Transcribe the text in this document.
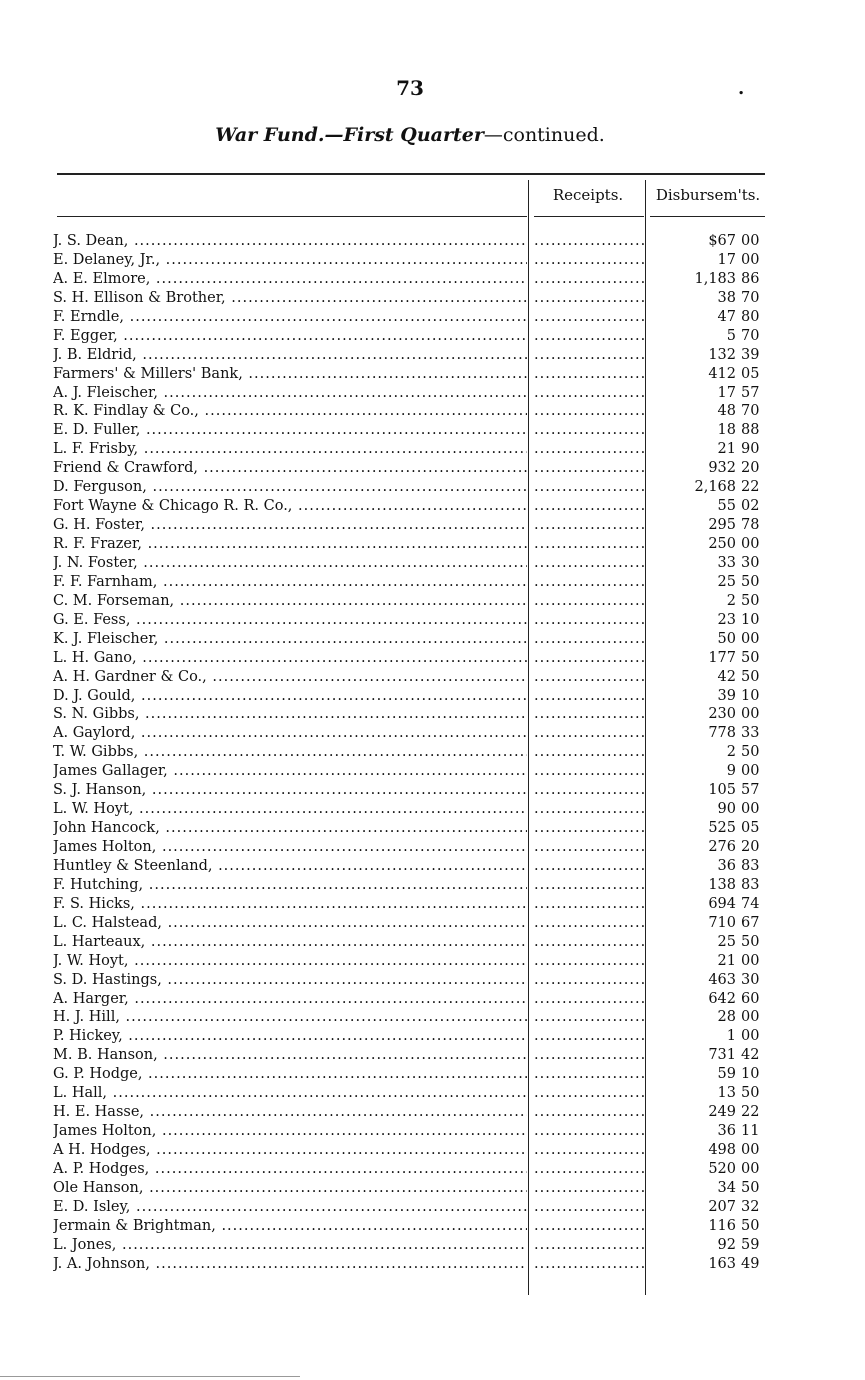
73	.
War Fund.—First Quarter—continued.
Receipts.	Disbursem'ts.
J. S. Dean, ..... .....	$67 00
E. Delaney, Jr., ..... .....	17 00
A. E. Elmore, ..... .....	1,183 86
S. H. Ellison & Brother, ..... .....	38 70
F. Erndle, ..... .....	47 80
F. Egger, ..... .....	5 70
J. B. Eldrid, ..... .....	132 39
Farmers' & Millers' Bank, ..... .....	412 05
A. J. Fleischer, ..... .....	17 57
R. K. Findlay & Co., ..... .....	48 70
E. D. Fuller, ..... .....	18 88
L. F. Frisby, ..... .....	21 90
Friend & Crawford, ..... .....	932 20
D. Ferguson, ..... .....	2,168 22
Fort Wayne & Chicago R. R. Co., ..... .....	55 02
G. H. Foster, ..... .....	295 78
R. F. Frazer, ..... .....	250 00
J. N. Foster, ..... .....	33 30
F. F. Farnham, ..... .....	25 50
C. M. Forseman, ..... .....	2 50
G. E. Fess, ..... .....	23 10
K. J. Fleischer, ..... .....	50 00
L. H. Gano, ..... .....	177 50
A. H. Gardner & Co., ..... .....	42 50
D. J. Gould, ..... .....	39 10
S. N. Gibbs, ..... .....	230 00
A. Gaylord, ..... .....	778 33
T. W. Gibbs, ..... .....	2 50
James Gallager, ..... .....	9 00
S. J. Hanson, ..... .....	105 57
L. W. Hoyt, ..... .....	90 00
John Hancock, ..... .....	525 05
James Holton, ..... .....	276 20
Huntley & Steenland, ..... .....	36 83
F. Hutching, ..... .....	138 83
F. S. Hicks, ..... .....	694 74
L. C. Halstead, ..... .....	710 67
L. Harteaux, ..... .....	25 50
J. W. Hoyt, ..... .....	21 00
S. D. Hastings, ..... .....	463 30
A. Harger, ..... .....	642 60
H. J. Hill, ..... .....	28 00
P. Hickey, ..... .....	1 00
M. B. Hanson, ..... .....	731 42
G. P. Hodge, ..... .....	59 10
L. Hall, ..... .....	13 50
H. E. Hasse, ..... .....	249 22
James Holton, ..... .....	36 11
A H. Hodges, ..... .....	498 00
A. P. Hodges, ..... .....	520 00
Ole Hanson, ..... .....	34 50
E. D. Isley, ..... .....	207 32
Jermain & Brightman, ..... .....	116 50
L. Jones, ..... .....	92 59
J. A. Johnson, ..... .....	163 49
